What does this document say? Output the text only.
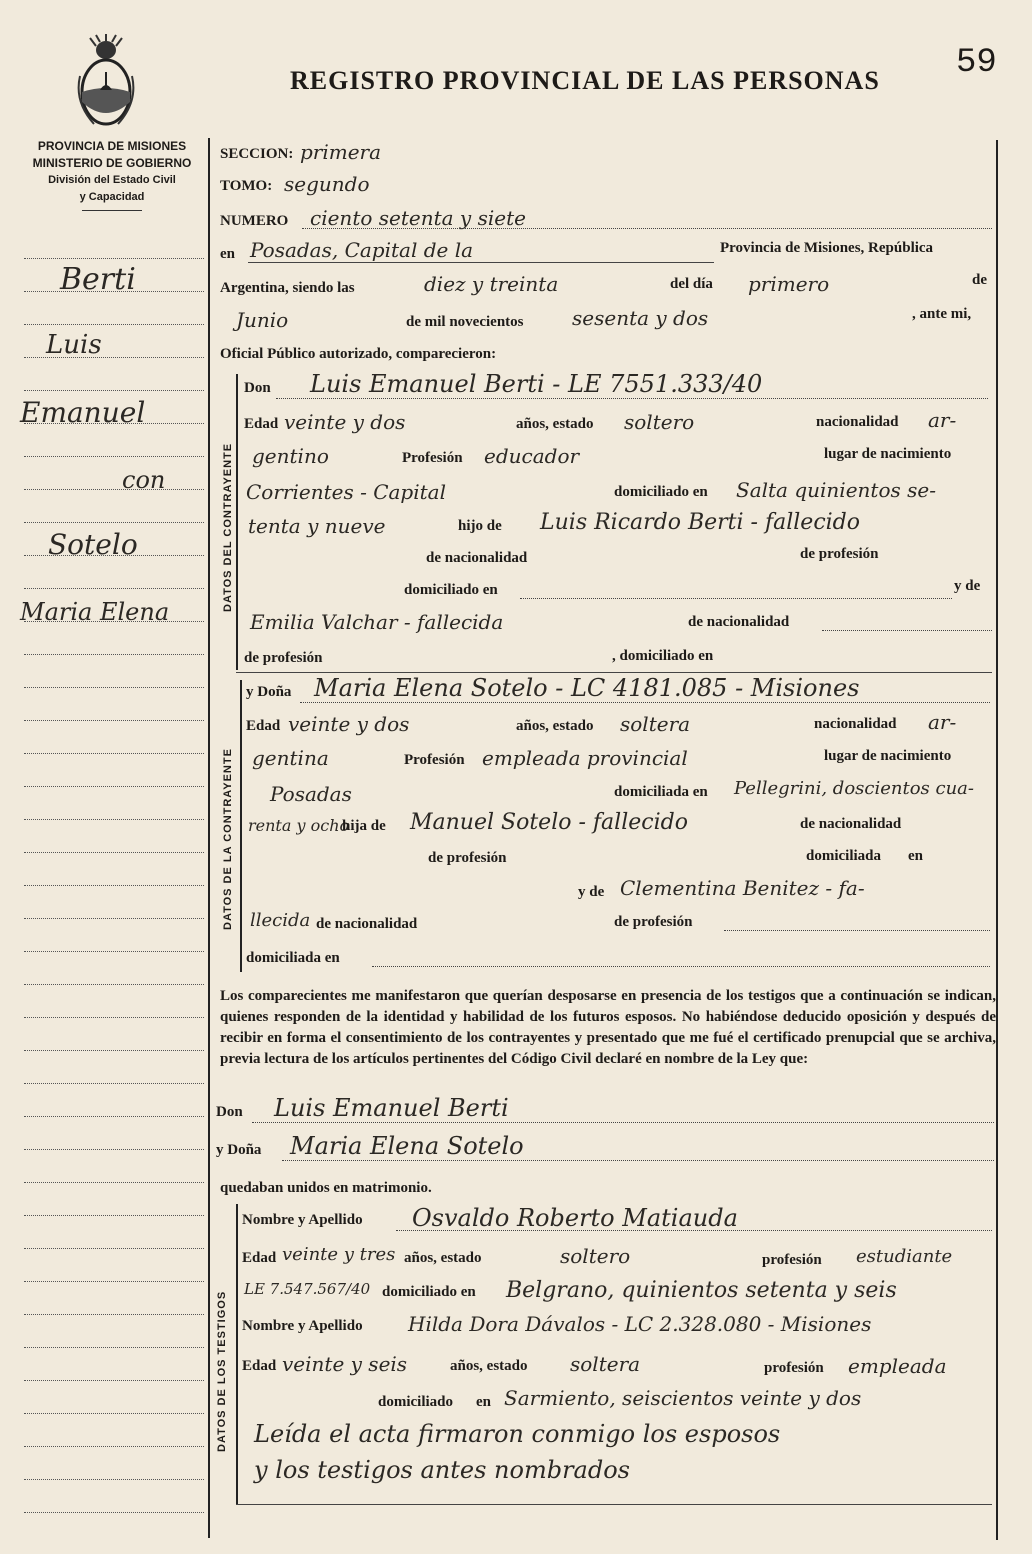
REGISTRO PROVINCIAL DE LAS PERSONAS 59
PROVINCIA DE MISIONES
MINISTERIO DE GOBIERNO
División del Estado Civil
y Capacidad
Berti
Luis
Emanuel
con
Sotelo
Maria Elena
SECCION: primera
TOMO: segundo
NUMERO ciento setenta y siete
en Posadas, Capital de la	Provincia de Misiones, República
Argentina, siendo las	diez y treinta	del día primero	de
Junio	de mil novecientos sesenta y dos	, ante mi,
Oficial Público autorizado, comparecieron:
DATOS DEL CONTRAYENTE
Don Luis Emanuel Berti - LE 7551.333/40
Edad veinte y dos	años, estado soltero	nacionalidad ar-
gentino	Profesión educador	lugar de nacimiento
Corrientes - Capital	domiciliado en Salta quinientos se-
tenta y nueve	hijo de Luis Ricardo Berti - fallecido
de nacionalidad	de profesión
domiciliado en	y de
Emilia Valchar - fallecida	de nacionalidad
de profesión	, domiciliado en
DATOS DE LA CONTRAYENTE
y Doña Maria Elena Sotelo - LC 4181.085 - Misiones
Edad veinte y dos	años, estado soltera	nacionalidad ar-
gentina	Profesión empleada provincial	lugar de nacimiento
Posadas	domiciliada en Pellegrini, doscientos cua-
renta y ocho
hija de Manuel Sotelo - fallecido	de nacionalidad
de profesión	domiciliada en
y de Clementina Benitez - fa-
llecida de nacionalidad	de profesión
domiciliada en
Los comparecientes me manifestaron que querían desposarse en presencia de los testigos que a continuación se indican, quienes responden de la identidad y habilidad de los futuros esposos. No habiéndose deducido oposición y después de recibir en forma el consentimiento de los contrayentes y presentado que me fué el certificado prenupcial que se archiva, previa lectura de los artículos pertinentes del Código Civil declaré en nombre de la Ley que:
Don Luis Emanuel Berti
y Doña Maria Elena Sotelo
quedaban unidos en matrimonio.
DATOS DE LOS TESTIGOS
Nombre y Apellido Osvaldo Roberto Matiauda
Edad veinte y tres años, estado	soltero	profesión estudiante
LE 7.547.567/40 domiciliado en Belgrano, quinientos setenta y seis
Nombre y Apellido Hilda Dora Dávalos - LC 2.328.080 - Misiones
Edad veinte y seis	años, estado soltera	profesión empleada
domiciliado en Sarmiento, seiscientos veinte y dos
Leída el acta firmaron conmigo los esposos
y los testigos antes nombrados
